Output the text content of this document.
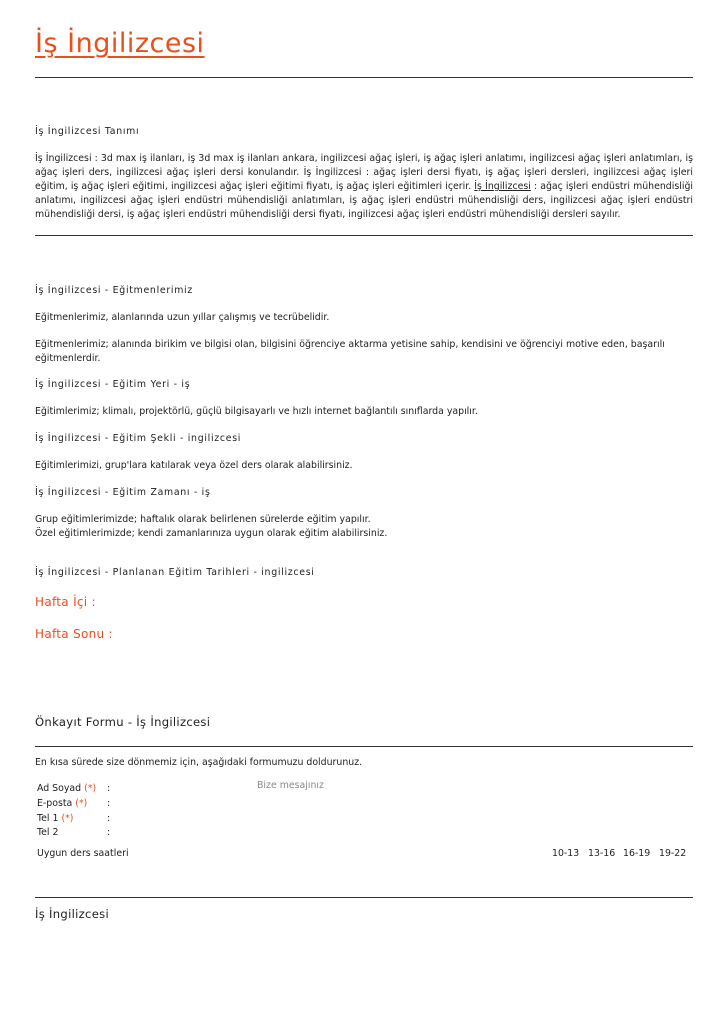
İş İngilizcesi
İş İngilizcesi Tanımı
İş İngilizcesi : 3d max iş ilanları, iş 3d max iş ilanları ankara, ingilizcesi ağaç işleri, iş ağaç işleri anlatımı, ingilizcesi ağaç işleri anlatımları, iş ağaç işleri ders, ingilizcesi ağaç işleri dersi konulandır. İş İngilizcesi : ağaç işleri dersi fiyatı, iş ağaç işleri dersleri, ingilizcesi ağaç işleri eğitim, iş ağaç işleri eğitimi, ingilizcesi ağaç işleri eğitimi fiyatı, iş ağaç işleri eğitimleri içerir. İş İngilizcesi : ağaç işleri endüstri mühendisliği anlatımı, ingilizcesi ağaç işleri endüstri mühendisliği anlatımları, iş ağaç işleri endüstri mühendisliği ders, ingilizcesi ağaç işleri endüstri mühendisliği dersi, iş ağaç işleri endüstri mühendisliği dersi fiyatı, ingilizcesi ağaç işleri endüstri mühendisliği dersleri sayılır.
İş İngilizcesi - Eğitmenlerimiz
Eğitmenlerimiz, alanlarında uzun yıllar çalışmış ve tecrübelidir.
Eğitmenlerimiz; alanında birikim ve bilgisi olan, bilgisini öğrenciye aktarma yetisine sahip, kendisini ve öğrenciyi motive eden, başarılı eğitmenlerdir.
İş İngilizcesi - Eğitim Yeri - iş
Eğitimlerimiz; klimalı, projektörlü, güçlü bilgisayarlı ve hızlı internet bağlantılı sınıflarda yapılır.
İş İngilizcesi - Eğitim Şekli - ingilizcesi
Eğitimlerimizi, grup'lara katılarak veya özel ders olarak alabilirsiniz.
İş İngilizcesi - Eğitim Zamanı - iş
Grup eğitimlerimizde; haftalık olarak belirlenen sürelerde eğitim yapılır.
Özel eğitimlerimizde; kendi zamanlarınıza uygun olarak eğitim alabilirsiniz.
İş İngilizcesi - Planlanan Eğitim Tarihleri - ingilizcesi
Hafta İçi :
Hafta Sonu :
Önkayıt Formu - İş İngilizcesi
En kısa sürede size dönmemiz için, aşağıdaki formumuzu doldurunuz.
Ad Soyad (*) :
E-posta (*) :
Tel 1 (*)	:
Tel 2	:
Bize mesajınız
Uygun ders saatleri	10-13 13-16 16-19 19-22
İş İngilizcesi
